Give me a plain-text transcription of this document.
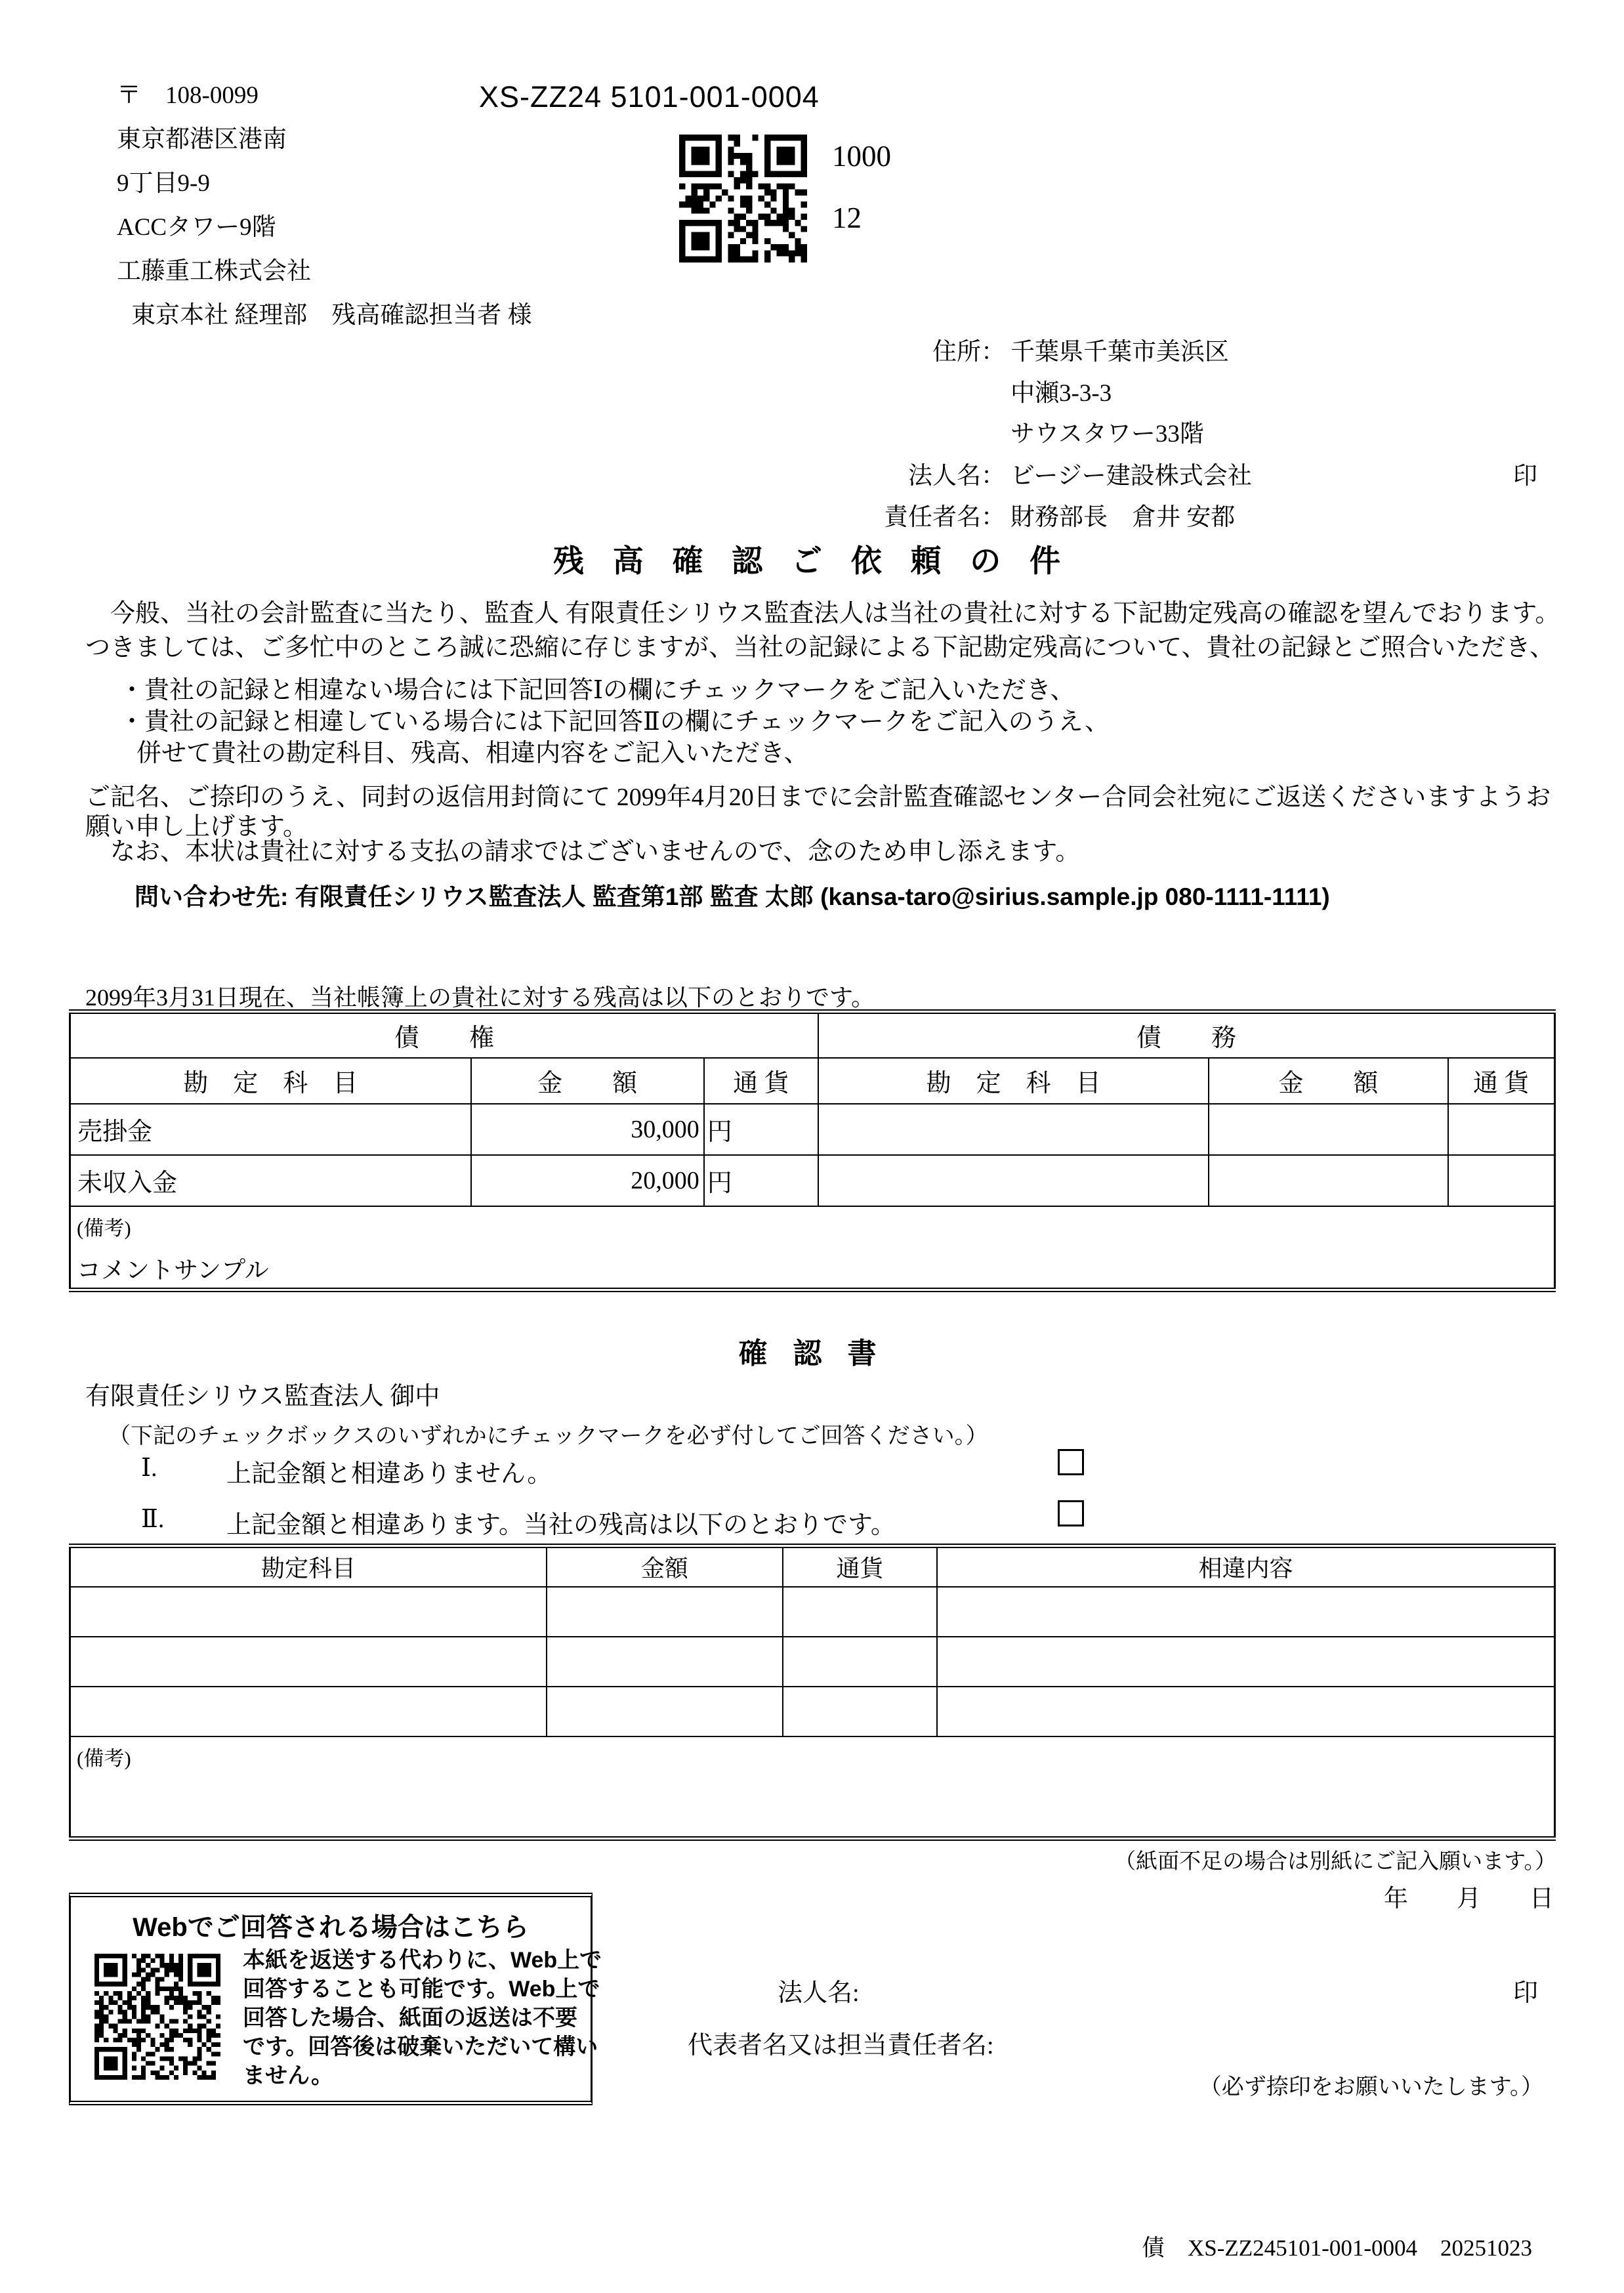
〒　108-0099
東京都港区港南
9丁目9-9
ACCタワー9階
工藤重工株式会社
東京本社 経理部　残高確認担当者 様
XS-ZZ24 5101-001-0004
1000
12
住所： 千葉県千葉市美浜区
中瀬3-3-3
サウスタワー33階
法人名： ビージー建設株式会社	印
責任者名： 財務部長　倉井 安都
残 高 確 認 ご 依 頼 の 件
　今般、当社の会計監査に当たり、監査人 有限責任シリウス監査法人は当社の貴社に対する下記勘定残高の確認を望んでおります。
つきましては、ご多忙中のところ誠に恐縮に存じますが、当社の記録による下記勘定残高について、貴社の記録とご照合いただき、
・貴社の記録と相違ない場合には下記回答Ⅰの欄にチェックマークをご記入いただき、
・貴社の記録と相違している場合には下記回答Ⅱの欄にチェックマークをご記入のうえ、
併せて貴社の勘定科目、残高、相違内容をご記入いただき、
ご記名、ご捺印のうえ、同封の返信用封筒にて 2099年4月20日までに会計監査確認センター合同会社宛にご返送くださいますようお
願い申し上げます。
　なお、本状は貴社に対する支払の請求ではございませんので、念のため申し添えます。
問い合わせ先: 有限責任シリウス監査法人 監査第1部 監査 太郎 (kansa-taro@sirius.sample.jp 080-1111-1111)
2099年3月31日現在、当社帳簿上の貴社に対する残高は以下のとおりです。
債　　権			債　　務		
勘　定　科　目	金　　額	通 貨	勘　定　科　目	金　　額	通 貨
売掛金	30,000	円			
未収入金	20,000	円			

(備考)
コメントサンプル					
確 認 書
有限責任シリウス監査法人 御中
（下記のチェックボックスのいずれかにチェックマークを必ず付してご回答ください。）
Ⅰ.	上記金額と相違ありません。
Ⅱ. 上記金額と相違あります。当社の残高は以下のとおりです。
勘定科目	金額	通貨	相違内容

(備考)			
（紙面不足の場合は別紙にご記入願います。）
年　　月　　日
Webでご回答される場合はこちら
本紙を返送する代わりに、Web上で
回答することも可能です。Web上で
回答した場合、紙面の返送は不要
です。回答後は破棄いただいて構い
ません。
法人名:	印
代表者名又は担当責任者名:
（必ず捺印をお願いいたします。）
債　XS-ZZ245101-001-0004　20251023
